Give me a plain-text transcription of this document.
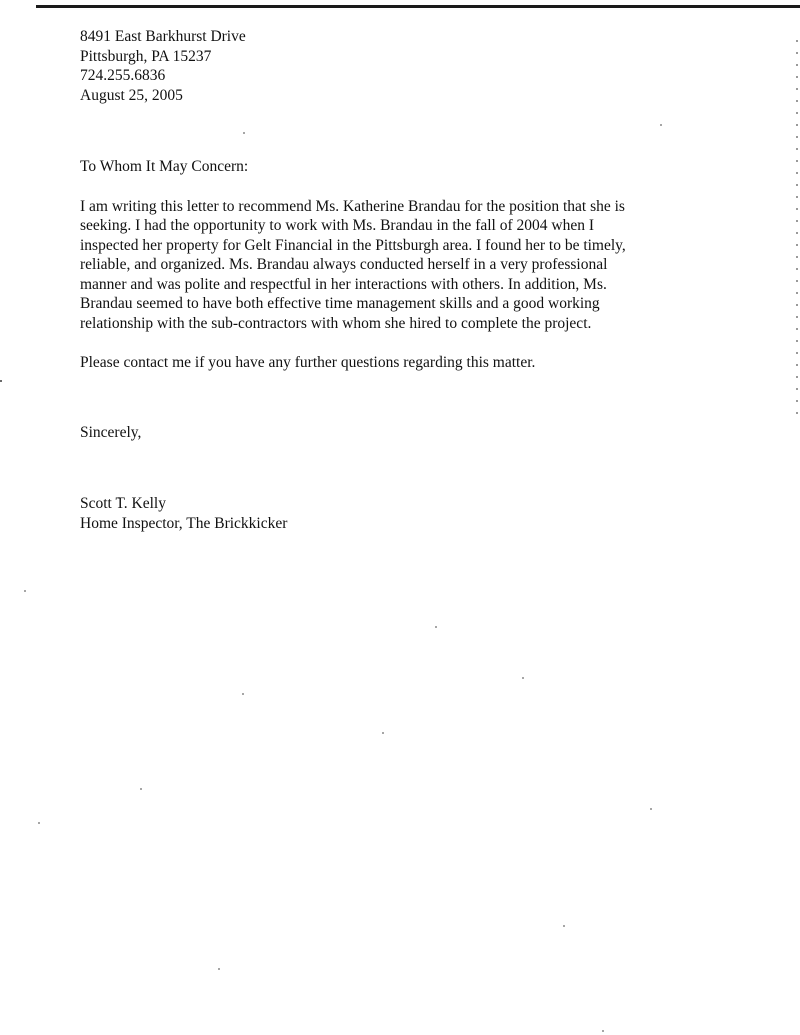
8491 East Barkhurst Drive
Pittsburgh, PA 15237
724.255.6836
August 25, 2005
To Whom It May Concern:
I am writing this letter to recommend Ms. Katherine Brandau for the position that she is
seeking. I had the opportunity to work with Ms. Brandau in the fall of 2004 when I
inspected her property for Gelt Financial in the Pittsburgh area. I found her to be timely,
reliable, and organized. Ms. Brandau always conducted herself in a very professional
manner and was polite and respectful in her interactions with others. In addition, Ms.
Brandau seemed to have both effective time management skills and a good working
relationship with the sub-contractors with whom she hired to complete the project.

Please contact me if you have any further questions regarding this matter.

Sincerely,
Scott T. Kelly
Home Inspector, The Brickkicker
